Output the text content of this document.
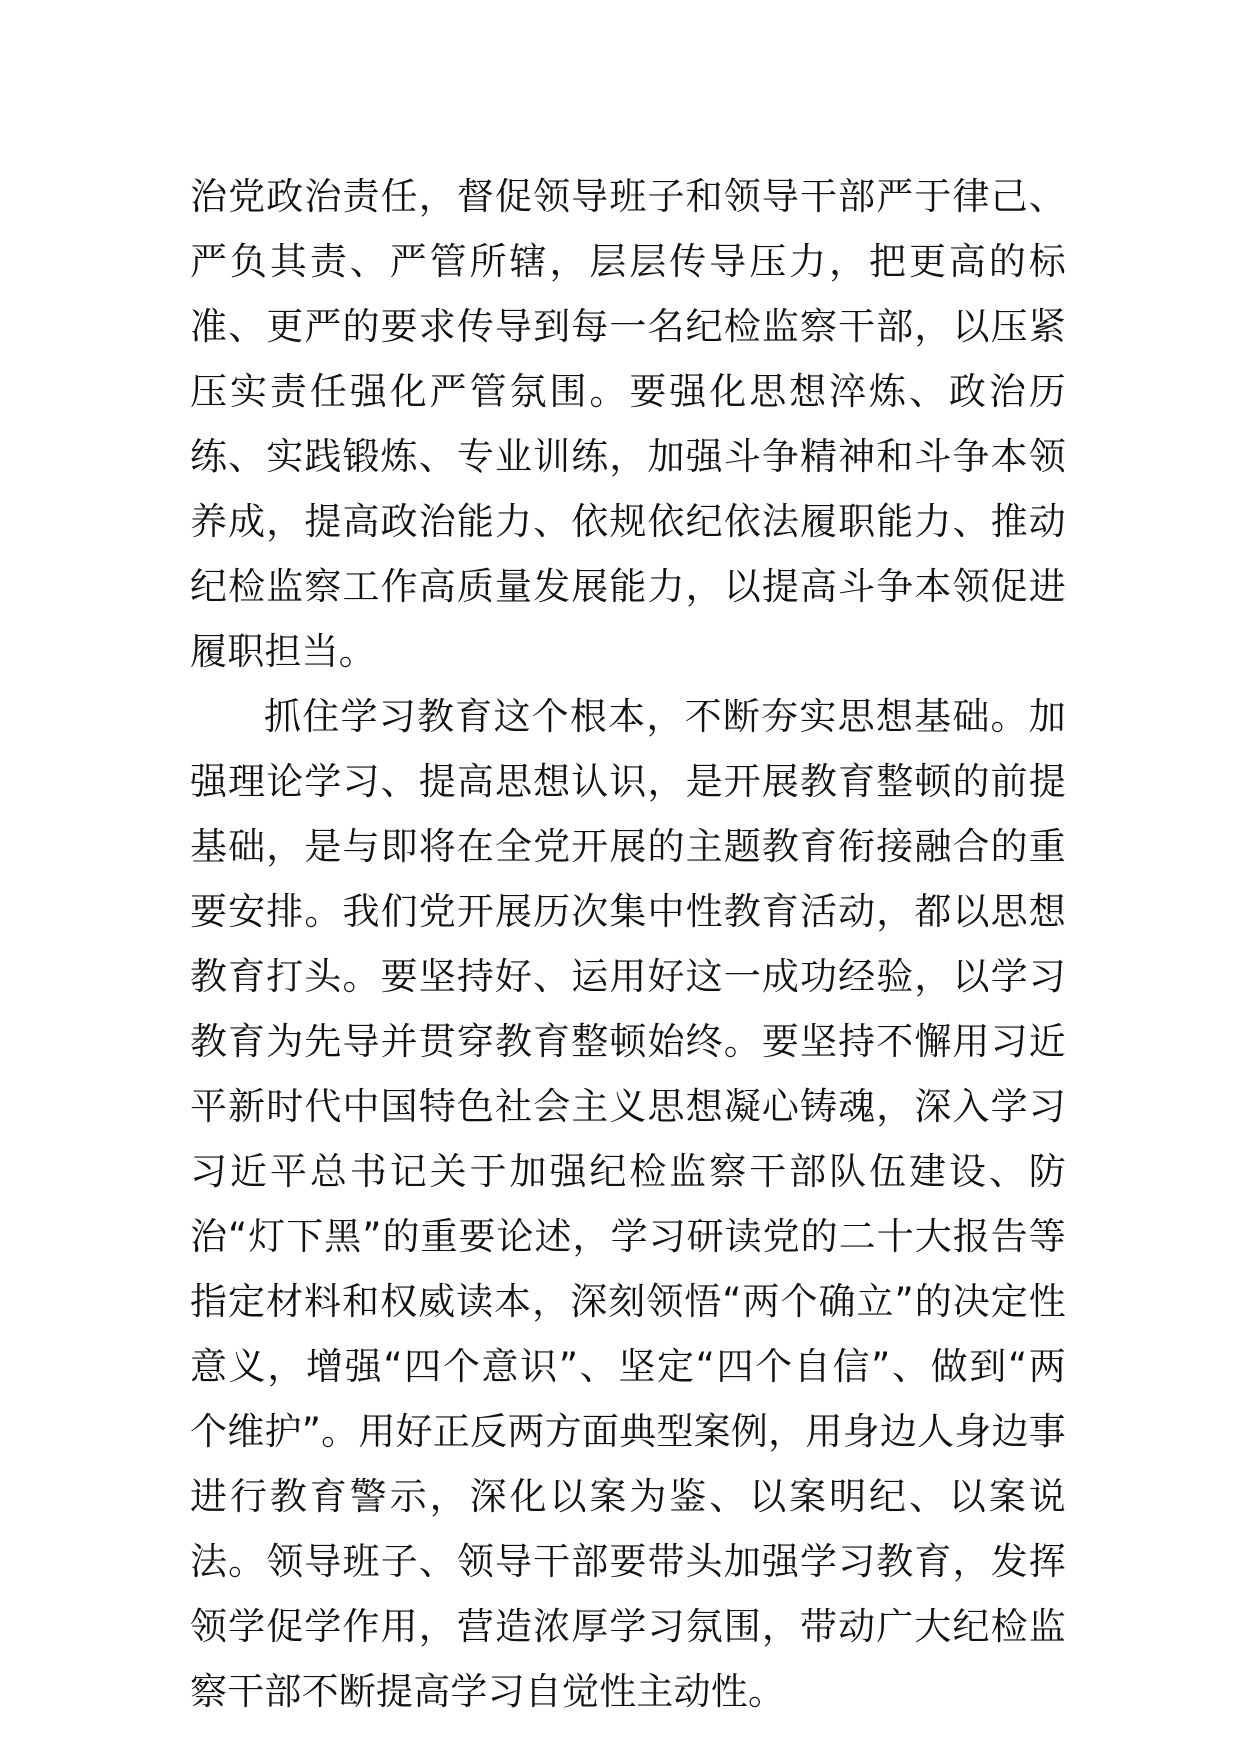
治党政治责任，督促领导班子和领导干部严于律己、严负其责、严管所辖，层层传导压力，把更高的标准、更严的要求传导到每一名纪检监察干部，以压紧压实责任强化严管氛围。要强化思想淬炼、政治历练、实践锻炼、专业训练，加强斗争精神和斗争本领养成，提高政治能力、依规依纪依法履职能力、推动纪检监察工作高质量发展能力，以提高斗争本领促进履职担当。

抓住学习教育这个根本，不断夯实思想基础。加强理论学习、提高思想认识，是开展教育整顿的前提基础，是与即将在全党开展的主题教育衔接融合的重要安排。我们党开展历次集中性教育活动，都以思想教育打头。要坚持好、运用好这一成功经验，以学习教育为先导并贯穿教育整顿始终。要坚持不懈用习近平新时代中国特色社会主义思想凝心铸魂，深入学习习近平总书记关于加强纪检监察干部队伍建设、防治“灯下黑”的重要论述，学习研读党的二十大报告等指定材料和权威读本，深刻领悟“两个确立”的决定性意义，增强“四个意识”、坚定“四个自信”、做到“两个维护”。用好正反两方面典型案例，用身边人身边事进行教育警示，深化以案为鉴、以案明纪、以案说法。领导班子、领导干部要带头加强学习教育，发挥领学促学作用，营造浓厚学习氛围，带动广大纪检监察干部不断提高学习自觉性主动性。
